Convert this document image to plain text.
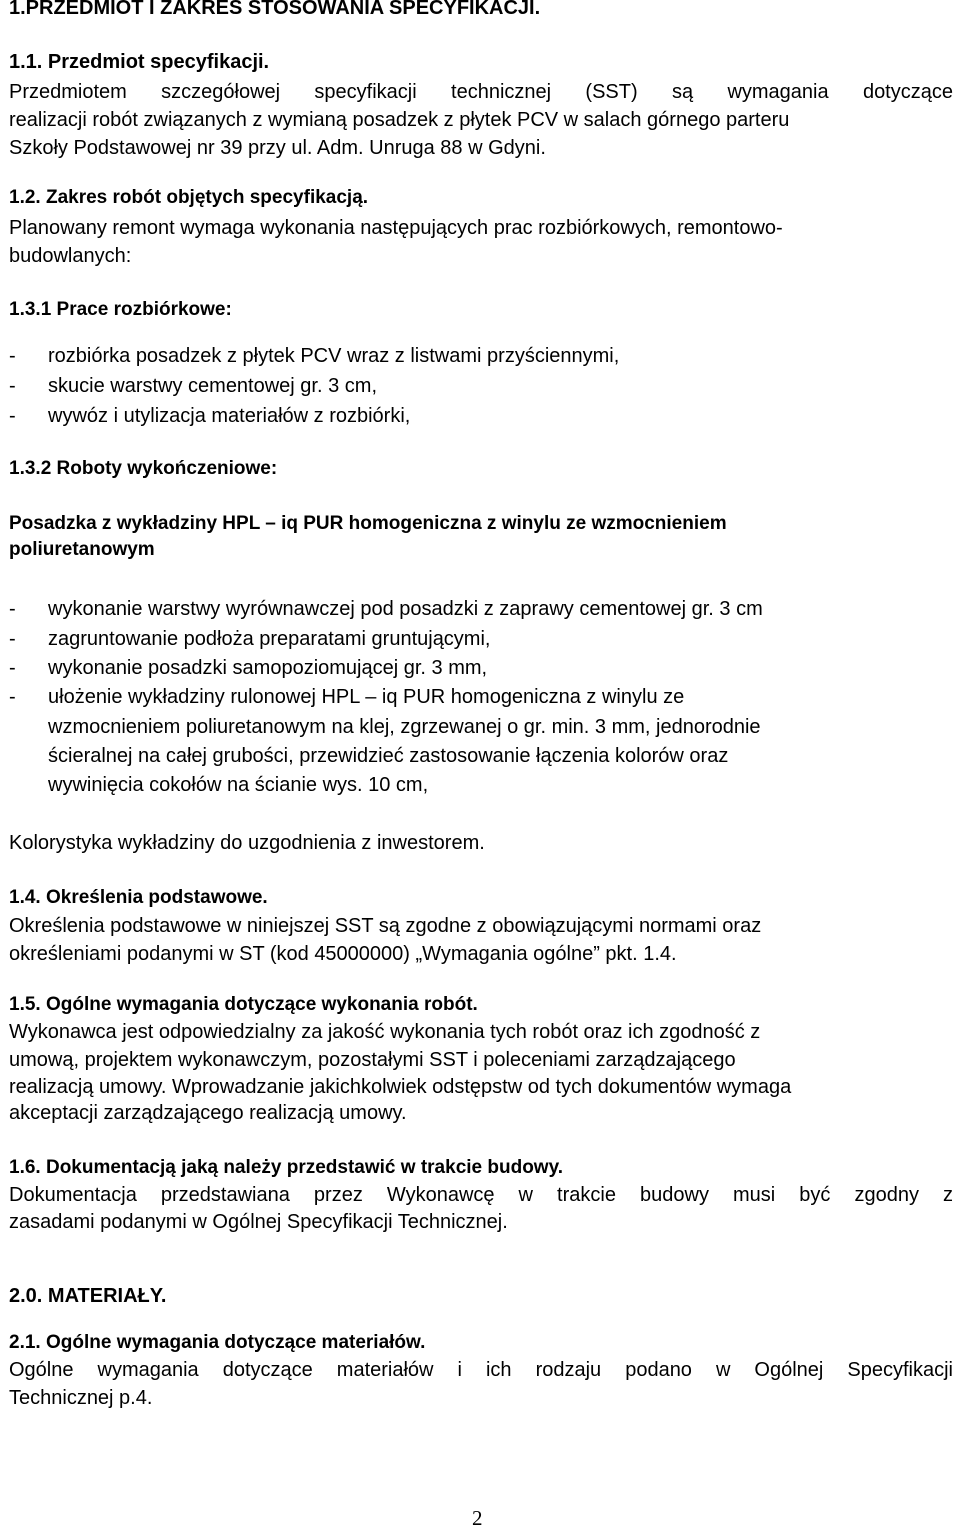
1.PRZEDMIOT I ZAKRES STOSOWANIA SPECYFIKACJI.
1.1. Przedmiot specyfikacji.
Przedmiotem szczegółowej specyfikacji technicznej (SST) są wymagania dotyczące
realizacji robót związanych z wymianą posadzek z płytek PCV w salach górnego parteru
Szkoły Podstawowej nr 39 przy ul. Adm. Unruga 88 w Gdyni.
1.2. Zakres robót objętych specyfikacją.
Planowany remont wymaga wykonania następujących prac rozbiórkowych, remontowo-
budowlanych:
1.3.1 Prace rozbiórkowe:
- rozbiórka posadzek z płytek PCV wraz z listwami przyściennymi,
- skucie warstwy cementowej gr. 3 cm,
- wywóz i utylizacja materiałów z rozbiórki,
1.3.2 Roboty wykończeniowe:
Posadzka z wykładziny HPL – iq PUR homogeniczna z winylu ze wzmocnieniem
poliuretanowym
- wykonanie warstwy wyrównawczej pod posadzki z zaprawy cementowej gr. 3 cm
- zagruntowanie podłoża preparatami gruntującymi,
- wykonanie posadzki samopoziomującej gr. 3 mm,
- ułożenie wykładziny rulonowej HPL – iq PUR homogeniczna z winylu ze
wzmocnieniem poliuretanowym na klej, zgrzewanej o gr. min. 3 mm, jednorodnie
ścieralnej na całej grubości, przewidzieć zastosowanie łączenia kolorów oraz
wywinięcia cokołów na ścianie wys. 10 cm,
Kolorystyka wykładziny do uzgodnienia z inwestorem.
1.4. Określenia podstawowe.
Określenia podstawowe w niniejszej SST są zgodne z obowiązującymi normami oraz
określeniami podanymi w ST (kod 45000000) „Wymagania ogólne” pkt. 1.4.
1.5. Ogólne wymagania dotyczące wykonania robót.
Wykonawca jest odpowiedzialny za jakość wykonania tych robót oraz ich zgodność z
umową, projektem wykonawczym, pozostałymi SST i poleceniami zarządzającego
realizacją umowy. Wprowadzanie jakichkolwiek odstępstw od tych dokumentów wymaga
akceptacji zarządzającego realizacją umowy.
1.6. Dokumentacją jaką należy przedstawić w trakcie budowy.
Dokumentacja przedstawiana przez Wykonawcę w trakcie budowy musi być zgodny z
zasadami podanymi w Ogólnej Specyfikacji Technicznej.
2.0. MATERIAŁY.
2.1. Ogólne wymagania dotyczące materiałów.
Ogólne wymagania dotyczące materiałów i ich rodzaju podano w Ogólnej Specyfikacji
Technicznej p.4.
2
